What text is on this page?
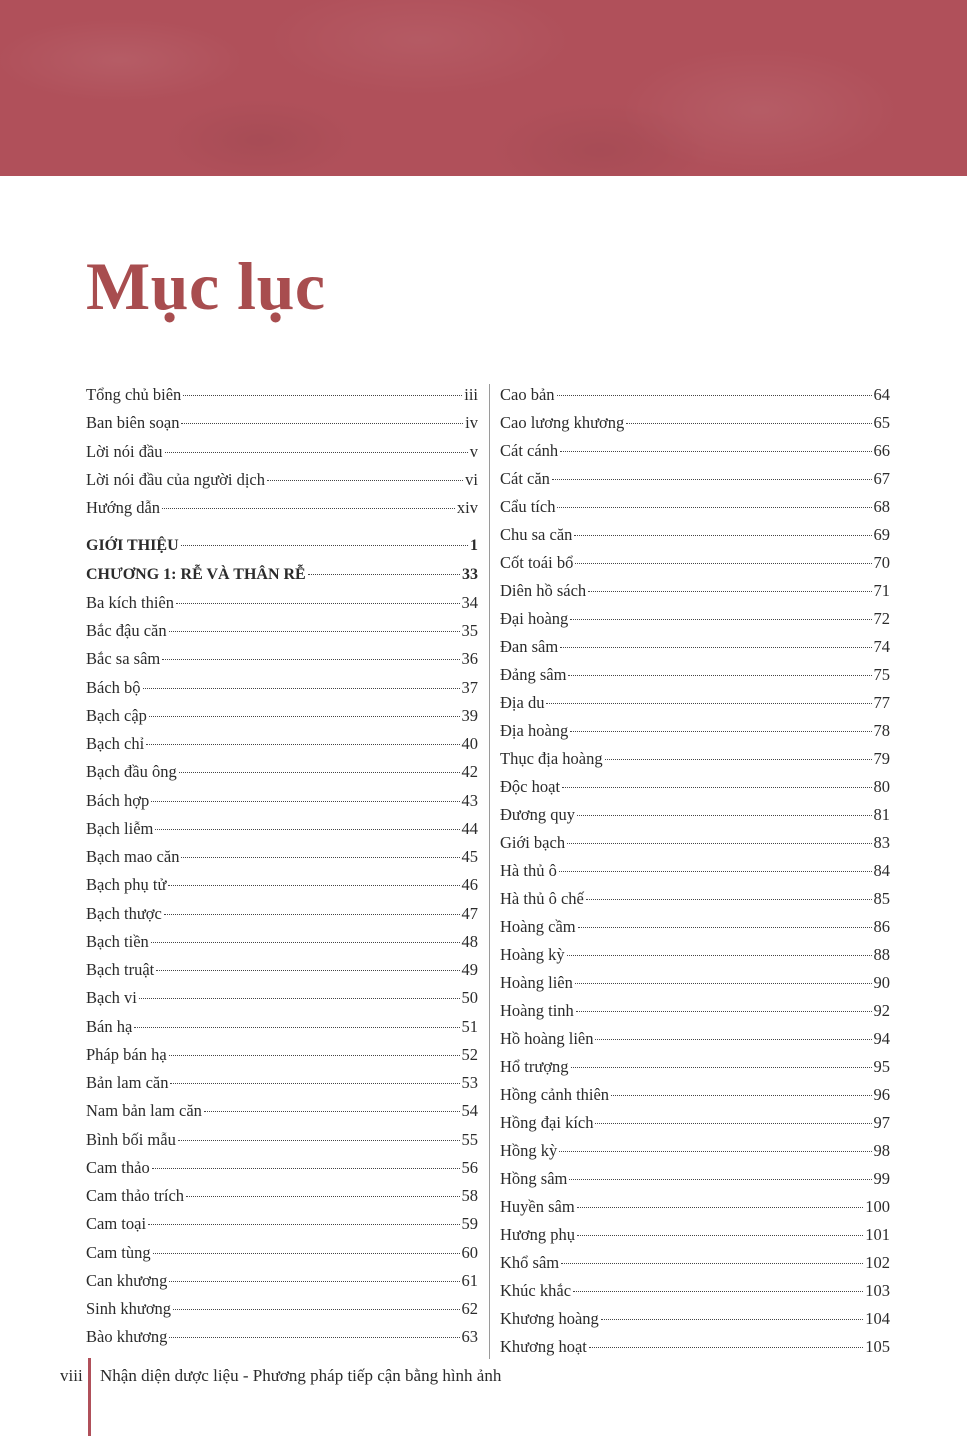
Mục lục
Tổng chủ biên	iii
Ban biên soạn	iv
Lời nói đầu	v
Lời nói đầu của người dịch	vi
Hướng dẫn	xiv
GIỚI THIỆU	1
CHƯƠNG 1: RỄ VÀ THÂN RỄ	33
Ba kích thiên	34
Bắc đậu căn	35
Bắc sa sâm	36
Bách bộ	37
Bạch cập	39
Bạch chỉ	40
Bạch đầu ông	42
Bách hợp	43
Bạch liễm	44
Bạch mao căn	45
Bạch phụ tử	46
Bạch thược	47
Bạch tiền	48
Bạch truật	49
Bạch vi	50
Bán hạ	51
Pháp bán hạ	52
Bản lam căn	53
Nam bản lam căn	54
Bình bối mẫu	55
Cam thảo	56
Cam thảo trích	58
Cam toại	59
Cam tùng	60
Can khương	61
Sinh khương	62
Bào khương	63
Cao bản	64
Cao lương khương	65
Cát cánh	66
Cát căn	67
Cẩu tích	68
Chu sa căn	69
Cốt toái bổ	70
Diên hồ sách	71
Đại hoàng	72
Đan sâm	74
Đảng sâm	75
Địa du	77
Địa hoàng	78
Thục địa hoàng	79
Độc hoạt	80
Đương quy	81
Giới bạch	83
Hà thủ ô	84
Hà thủ ô chế	85
Hoàng cầm	86
Hoàng kỳ	88
Hoàng liên	90
Hoàng tinh	92
Hồ hoàng liên	94
Hổ trượng	95
Hồng cảnh thiên	96
Hồng đại kích	97
Hồng kỳ	98
Hồng sâm	99
Huyền sâm	100
Hương phụ	101
Khổ sâm	102
Khúc khắc	103
Khương hoàng	104
Khương hoạt	105
viii Nhận diện dược liệu - Phương pháp tiếp cận bằng hình ảnh
